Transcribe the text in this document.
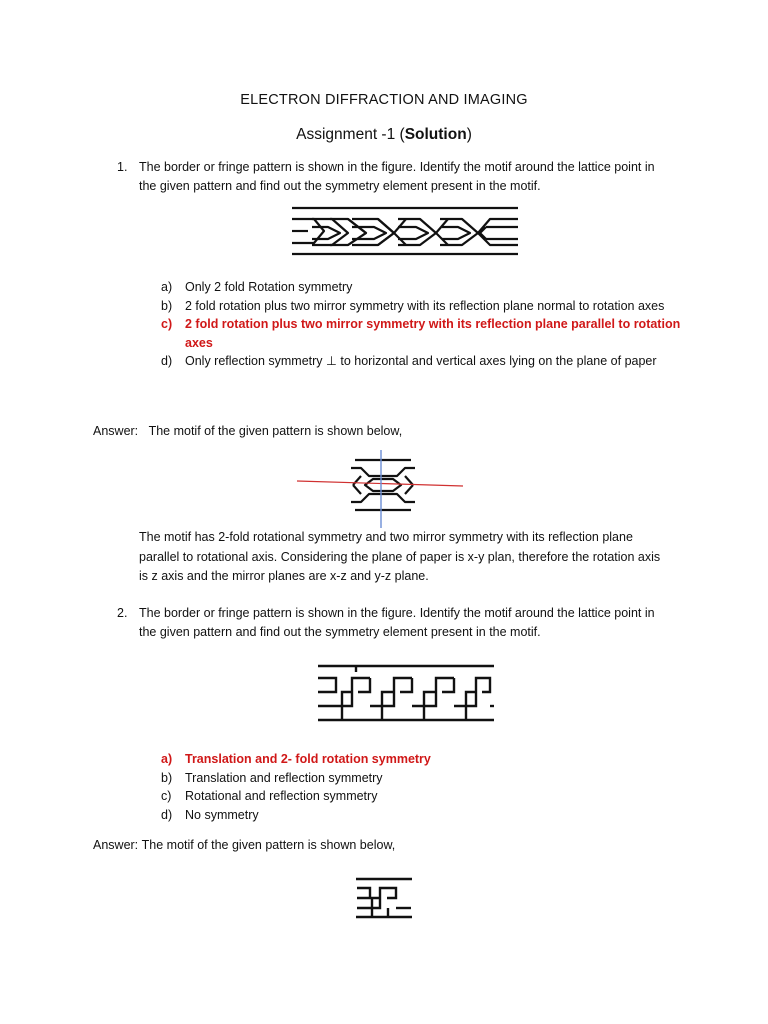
ELECTRON DIFFRACTION AND IMAGING
Assignment -1 (Solution)
1. The border or fringe pattern is shown in the figure. Identify the motif around the lattice point in the given pattern and find out the symmetry element present in the motif.
a)	Only 2 fold Rotation symmetry
b)	2 fold rotation plus two mirror symmetry with its reflection plane normal to rotation axes
c)	2 fold rotation plus two mirror symmetry with its reflection plane parallel to rotation axes
d)	Only reflection symmetry ⊥ to horizontal and vertical axes lying on the plane of paper
Answer: The motif of the given pattern is shown below,
The motif has 2-fold rotational symmetry and two mirror symmetry with its reflection plane parallel to rotational axis. Considering the plane of paper is x-y plan, therefore the rotation axis is z axis and the mirror planes are x-z and y-z plane.
2. The border or fringe pattern is shown in the figure. Identify the motif around the lattice point in the given pattern and find out the symmetry element present in the motif.
a)	Translation and 2- fold rotation symmetry
b)	Translation and reflection symmetry
c)	Rotational and reflection symmetry
d)	No symmetry
Answer: The motif of the given pattern is shown below,
